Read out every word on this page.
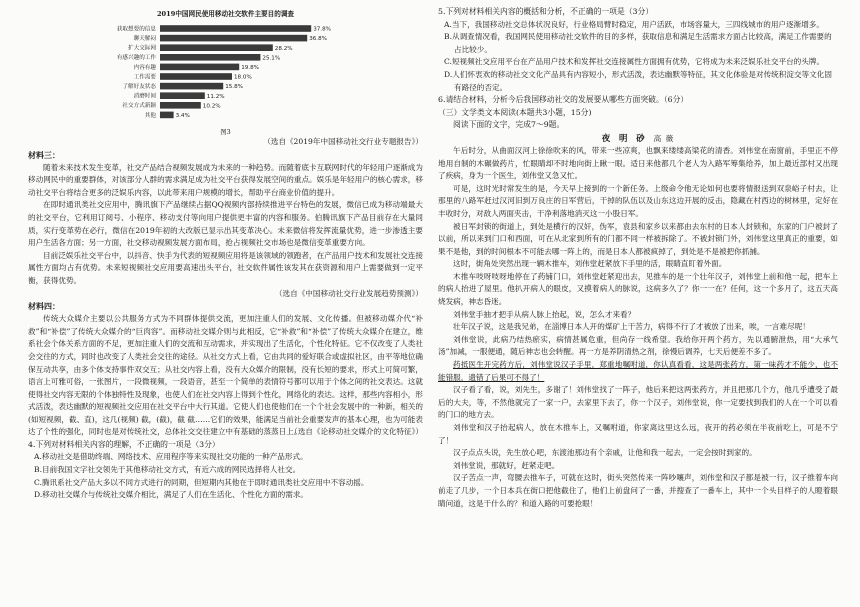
2019中国网民使用移动社交软件主要目的调查
获取想要的信息	37.8%
聊天解闷	36.8%
扩大交际网	28.2%
有感兴趣的工作	25.1%
内容有趣	19.8%
工作需要	18.0%
了解好友状态	15.8%
消磨时间	11.2%
社交方式新颖	10.2%
其他	3.4%
图3
（选自《2019年中国移动社交行业专题报告》）
材料三：
随着未来技术发生变革，社交产品结合视频发展成为未来的一种趋势。而随着底卡互联网时代的年轻用户逐渐成为移动网民中的重要群体，对该部分人群的需求满足成为社交平台获得发展空间的重点。娱乐是年轻用户的核心需求，移动社交平台将结合更多的泛娱乐内容，以此带来用户规模的增长，帮助平台商业价值的提升。
在即时通讯类社交应用中，腾讯旗下产品继续占据QQ视频内部持续推进平台特色的发展，微信已成为移动端最大的社交平台，它利用订阅号、小程序、移动支付等向用户提供更丰富的内容和服务。伯腾讯旗下产品目前存在大量同质，实行变革势在必行，微信在2019年初的大改版已显示出其变革决心。未来微信将发挥流量优势，进一步渗透主要用户生活各方面；另一方面，社交移动视频发展方面布局，抢占视频社交市场也是微信变革重要方向。
目前泛娱乐社交平台中，以抖音、快手为代表的短视频应用将是该领域的领跑者，在产品用户技术和发展社交连接属性方面均占有优势。未来短视频社交应用要高速出头平台，社交软件属性该发其在获资源和用户上需要做到一定平衡，获得优势。
（选自《中国移动社交行业发展趋势预测》）
材料四：
传统大众媒介主要以公共服务方式为不同群体提供交流，更加注重人们的发展、文化传播。但被移动媒介代“补救”和“补偿”了传统大众媒介的“巨肉容”。而移动社交媒介则与此相反，它“补救”和“补偿”了传统大众媒介在建立，维系社会个体关系方面的不足，更加注重人们的交流和互动需求，并实现出了生活化，个性化特征。它不仅改变了人类社会交往的方式，同时也改变了人类社会交往的途径。从社交方式上看，它由共同的爱好联合或虚拟社区，由平等地位确保互动共享，由多个体支持事件双交互；从社交内容上看，没有大众媒介的限制，没有长短的要求，形式上可简可繁，语言上可雅可俗，一张图片，一段微视频，一段语音，甚至一个简单的表情符号都可以用于个体之间的社交表达。这就使得社交内容无限的个体独特性及现象，也使人们在社交内容上得到个性化，网络化的表达。这样，那些内容相小，形式活泼，表达幽默的短视频社交应用在社交平台中大行其道。它使人们也使他们在一个个社会发展中的一种新，相关的(如短视频，截、直)，这几(视频) 截，(截)，截 截……它们的效果，能满足当前社会重要发声的基本心理，也为可能表达了个性的强化，同时也是对传统社交，总体社交交往建立中有基础的蒸蒸日上。
（选自《论移动社交媒介的文化特征》）
4.下列对材料相关内容的理解，不正确的一项是（3分）
A.移动社交是借助终端、网络技术、应用程序等来实现社交功能的一种产品形式。
B.目前我国文字社交领先于其他移动社交方式，有近六成的网民选择将人社交。
C.腾讯系社交产品大多以不同方式进行的同期，但短期内其他在于即时通讯类社交应用中不容动摇。
D.移动社交媒介与传统社交媒介相比，满足了人们在生活化、个性化方面的需求。
5.下列对材料相关内容的概括和分析，不正确的一项是（3分）
A.当下，我国移动社交总体状况良好，行业格局臂时稳定，用户活跃，市场容量大，三四线城市的用户逐渐增多。
B.从调查情况看，我国网民使用移动社交软件的目的多样，获取信息和满足生活需求方面占比较高，满足工作需要的占比较少。
C.短视频社交应用平台在产品用户技术和发挥社交连接属性方面拥有优势，它将成为未来泛娱乐社交平台的头牌。
D.人们怀衷欢的移动社交文化产品具有内容短小，形式活泼，表达幽默等特征，其文化体验是对传统积淀交等文化固有路径的否定。
6.请结合材料，分析今后我国移动社交的发展要从哪些方面突破。（6分）
（三）文学类文本阅读(本题共3小题，15分)
阅读下面的文字，完成7～9题。
夜 明 砂 高 薇
午后时分，从曲面汉河上徐徐吹来的风，带来一些凉爽，也飘来缕缕高梁花的清香。刘伟堂在南窗前，手里正不停地用自制的木碾做药片，忙眼睛却不时地向街上瞅一眼。适日来他都几个老人为入路军筹集给养，加上最近部村又出现了疾病，身为一个医生，刘伟堂又急又忙。
可是，这时光时常发生的是，今天早上接到的一个新任务。上级命令他无论如何也要将情报送到双泉峪子村去，让那里的八路军赶过汉河旧到万良庄的日军营后，干掉的队伍以及山东这边开展的反击，隐藏在村西边的树林里，定好在丰收时分，对敌人两面夹击，干净利落地消灭这一小股日军。
被日军封锁的街道上，到处是横行的汉奸，伪军，袁县和家乡以来都由去东村的日本人封锁和，东家的门户被封了以前，所以来到门口和西面，可在从北家到所有的门都不同一样被拆除了。不被封锁门外，刘伟堂这里真正的重要，如果不是他，到的时间根本不可能去哪一阵上的，而是日本人都被疯掉了，到处是不是被把你抓捕。
这时，街角处突然出现一辆木推车，刘伟堂赶紧放下手里的活，眼睛直盯着外面。
木推车吱呀吱呀地停在了药铺门口，刘伟堂赶紧迎出去，见推车的是一个壮年汉子，刘伟堂上前和他一起，把车上的病人抬进了屋里。他扒开病人的眼皮，又摸着病人的脉说，这病多久了？你一一在？任何，这一个多月了，这五天高烧发病，神志昏迷。
刘伟堂手抽才把手从病人脉上抬起，说，怎么才来看？
壮年汉子说，这是我兄弟，在淄博日本人开的煤矿上干苦力，病得不行了才被放了出来，唉，一言难尽呢！
刘伟堂说，此病乃结热瘀实，病情甚属危重，但尚存一线希望。我给你开两个药方，先以通腑泄热，用“大承气汤”加减，一服便通，随后神志也会转醒。再一方是养阴清热之剂，徐慢后调养，七天后便差不多了。
药抵医生开完药方后，刘伟堂说汉子手里，郑重地嘱咐道，你认真看看，这是两张药方，第一味药才不能少，也不能错服，遗错了后果可不得了！
汉子看了看，说，刘先生，多谢了！刘伟堂找了一阵子，他后来把这两张药方，并且把那几个方，他几乎遭受了最后的大夫，等，不然他就完了一家一户，去家里下去了，你一个汉子，刘伟堂说，你一定要找到我们的人在一个可以看的门口的地方去。
刘伟堂和汉子抬起病人，放在木推车上，又嘱咐道，你家离这里这么远，夜开的药必须在半夜前吃上，可是不宁了！
汉子点点头说，先生放心吧，东渡池那边有个亲戚，让他和我一起去，一定会按时到家的。
刘伟堂说，那就好，赶紧走吧。
汉子苦点一声，弯腰去推车子，可就在这时，街头突然传来一阵吵嚷声，刘伟堂和汉子都是被一行，汉子推着车向前走了几步，一个日本兵在街口把他截住了，他们上前盘问了一番，并搜查了一番车上，其中一个头目样子的人瞪着眼睛问道，这是干什么的？和道入路的可要抢眼！
